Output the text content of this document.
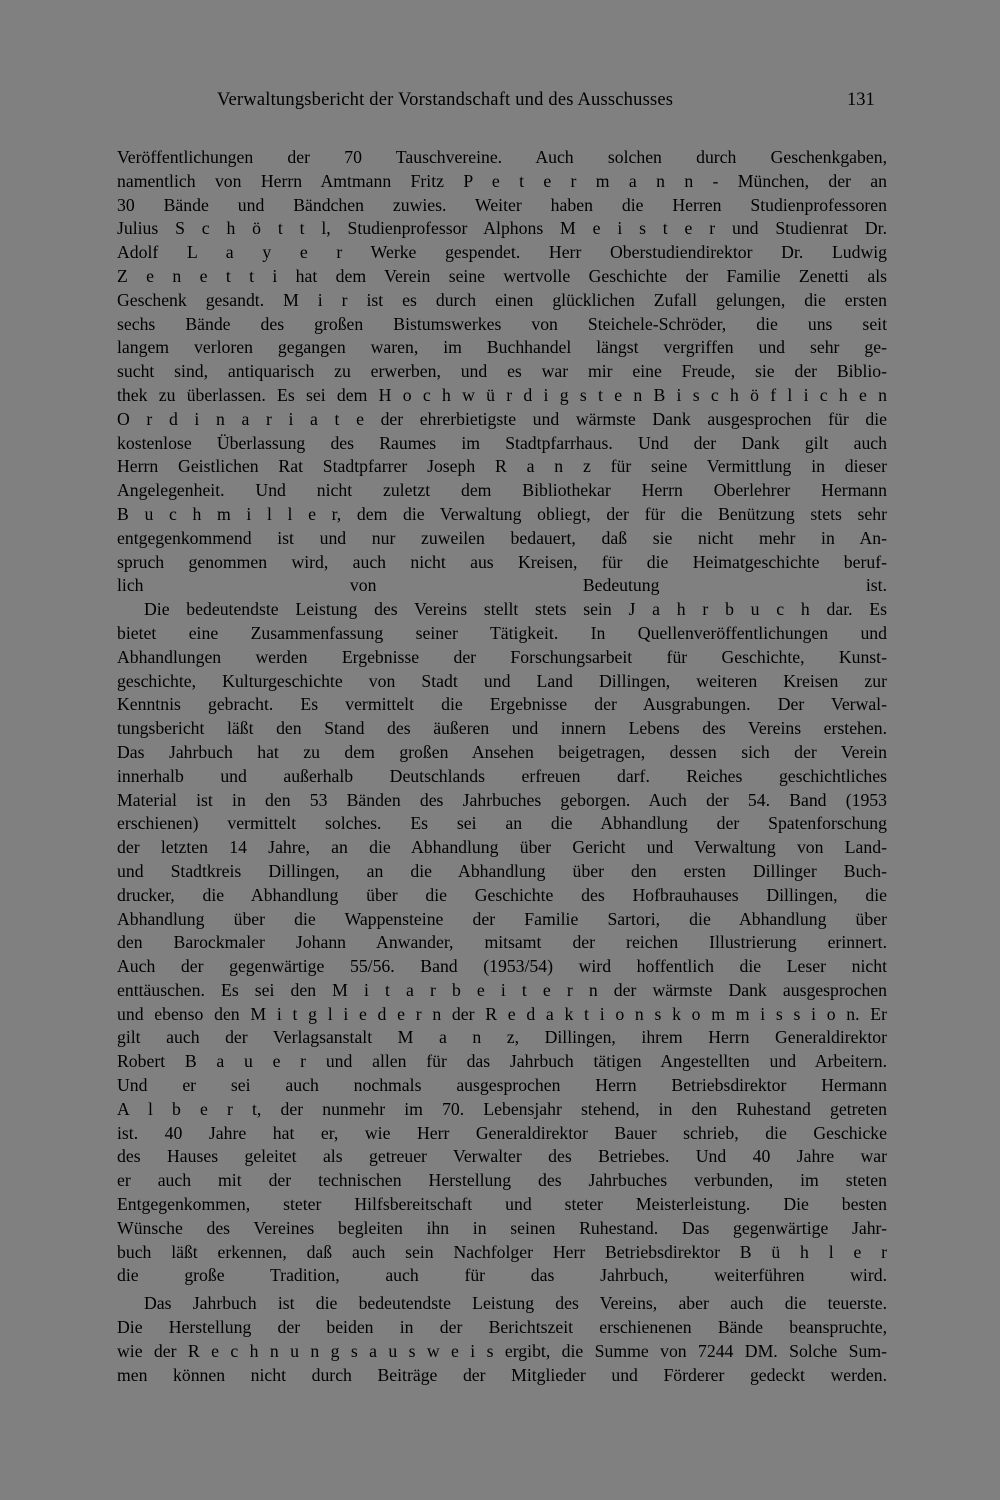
Verwaltungsbericht der Vorstandschaft und des Ausschusses	131
Veröffentlichungen der 70 Tauschvereine. Auch solchen durch Geschenkgaben,
namentlich von Herrn Amtmann Fritz P e t e r m a n n - München, der an
30 Bände und Bändchen zuwies. Weiter haben die Herren Studienprofessoren
Julius S c h ö t t l, Studienprofessor Alphons M e i s t e r und Studienrat Dr.
Adolf L a y e r Werke gespendet. Herr Oberstudiendirektor Dr. Ludwig
Z e n e t t i hat dem Verein seine wertvolle Geschichte der Familie Zenetti als
Geschenk gesandt. M i r ist es durch einen glücklichen Zufall gelungen, die ersten
sechs Bände des großen Bistumswerkes von Steichele-Schröder, die uns seit
langem verloren gegangen waren, im Buchhandel längst vergriffen und sehr ge-
sucht sind, antiquarisch zu erwerben, und es war mir eine Freude, sie der Biblio-
thek zu überlassen. Es sei dem H o c h w ü r d i g s t e n B i s c h ö f l i c h e n
O r d i n a r i a t e der ehrerbietigste und wärmste Dank ausgesprochen für die
kostenlose Überlassung des Raumes im Stadtpfarrhaus. Und der Dank gilt auch
Herrn Geistlichen Rat Stadtpfarrer Joseph R a n z für seine Vermittlung in dieser
Angelegenheit. Und nicht zuletzt dem Bibliothekar Herrn Oberlehrer Hermann
B u c h m i l l e r, dem die Verwaltung obliegt, der für die Benützung stets sehr
entgegenkommend ist und nur zuweilen bedauert, daß sie nicht mehr in An-
spruch genommen wird, auch nicht aus Kreisen, für die Heimatgeschichte beruf-
lich von Bedeutung ist.
Die bedeutendste Leistung des Vereins stellt stets sein J a h r b u c h dar. Es
bietet eine Zusammenfassung seiner Tätigkeit. In Quellenveröffentlichungen und
Abhandlungen werden Ergebnisse der Forschungsarbeit für Geschichte, Kunst-
geschichte, Kulturgeschichte von Stadt und Land Dillingen, weiteren Kreisen zur
Kenntnis gebracht. Es vermittelt die Ergebnisse der Ausgrabungen. Der Verwal-
tungsbericht läßt den Stand des äußeren und innern Lebens des Vereins erstehen.
Das Jahrbuch hat zu dem großen Ansehen beigetragen, dessen sich der Verein
innerhalb und außerhalb Deutschlands erfreuen darf. Reiches geschichtliches
Material ist in den 53 Bänden des Jahrbuches geborgen. Auch der 54. Band (1953
erschienen) vermittelt solches. Es sei an die Abhandlung der Spatenforschung
der letzten 14 Jahre, an die Abhandlung über Gericht und Verwaltung von Land-
und Stadtkreis Dillingen, an die Abhandlung über den ersten Dillinger Buch-
drucker, die Abhandlung über die Geschichte des Hofbrauhauses Dillingen, die
Abhandlung über die Wappensteine der Familie Sartori, die Abhandlung über
den Barockmaler Johann Anwander, mitsamt der reichen Illustrierung erinnert.
Auch der gegenwärtige 55/56. Band (1953/54) wird hoffentlich die Leser nicht
enttäuschen. Es sei den M i t a r b e i t e r n der wärmste Dank ausgesprochen
und ebenso den M i t g l i e d e r n der R e d a k t i o n s k o m m i s s i o n. Er
gilt auch der Verlagsanstalt M a n z, Dillingen, ihrem Herrn Generaldirektor
Robert B a u e r und allen für das Jahrbuch tätigen Angestellten und Arbeitern.
Und er sei auch nochmals ausgesprochen Herrn Betriebsdirektor Hermann
A l b e r t, der nunmehr im 70. Lebensjahr stehend, in den Ruhestand getreten
ist. 40 Jahre hat er, wie Herr Generaldirektor Bauer schrieb, die Geschicke
des Hauses geleitet als getreuer Verwalter des Betriebes. Und 40 Jahre war
er auch mit der technischen Herstellung des Jahrbuches verbunden, im steten
Entgegenkommen, steter Hilfsbereitschaft und steter Meisterleistung. Die besten
Wünsche des Vereines begleiten ihn in seinen Ruhestand. Das gegenwärtige Jahr-
buch läßt erkennen, daß auch sein Nachfolger Herr Betriebsdirektor B ü h l e r
die große Tradition, auch für das Jahrbuch, weiterführen wird.
Das Jahrbuch ist die bedeutendste Leistung des Vereins, aber auch die teuerste.
Die Herstellung der beiden in der Berichtszeit erschienenen Bände beanspruchte,
wie der R e c h n u n g s a u s w e i s ergibt, die Summe von 7244 DM. Solche Sum-
men können nicht durch Beiträge der Mitglieder und Förderer gedeckt werden.
